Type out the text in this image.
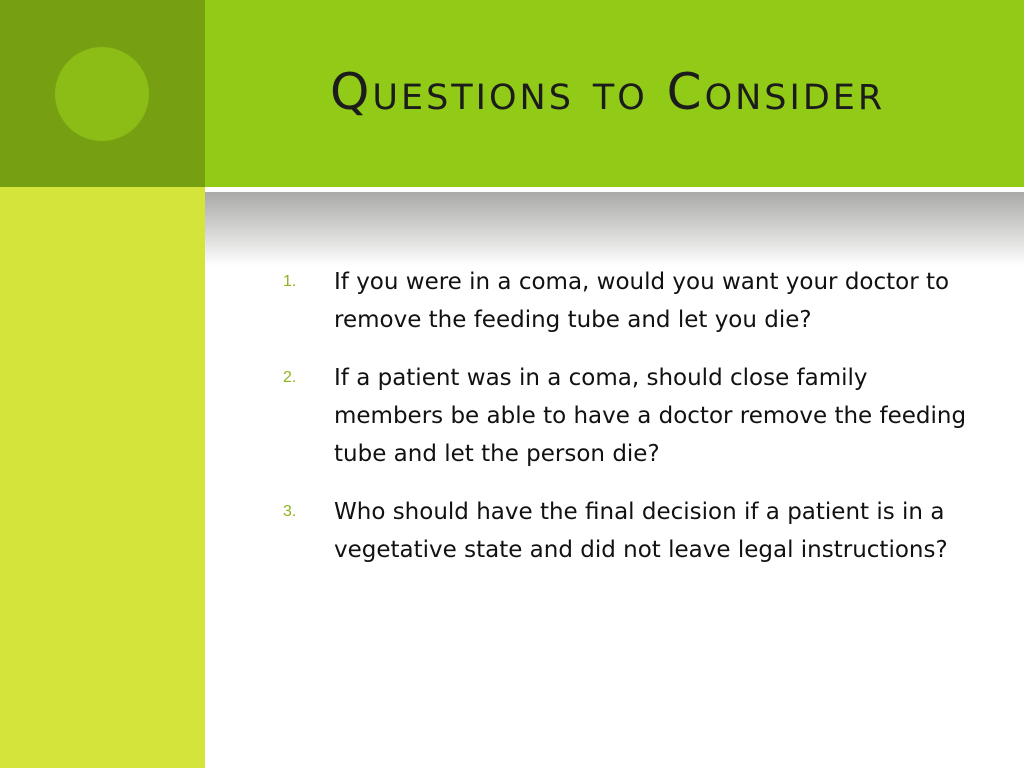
Questions to Consider
1.	If you were in a coma, would you want your doctor to remove the feeding tube and let you die?
2.	If a patient was in a coma, should close family members be able to have a doctor remove the feeding tube and let the person die?
3.	Who should have the final decision if a patient is in a vegetative state and did not leave legal instructions?
